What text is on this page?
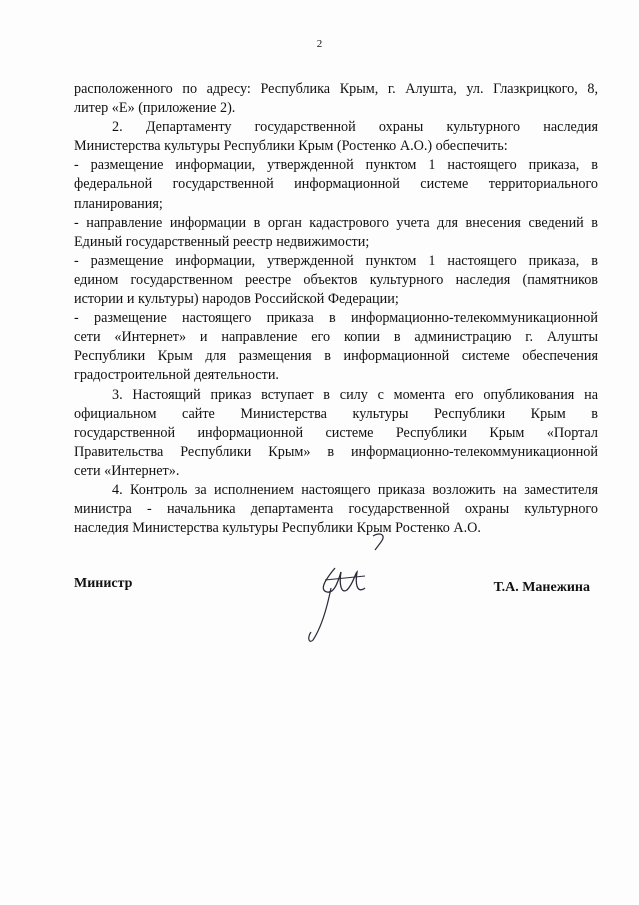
2
расположенного по адресу: Республика Крым, г. Алушта, ул. Глазкрицкого, 8,
литер «Е» (приложение 2).
2. Департаменту государственной охраны культурного наследия
Министерства культуры Республики Крым (Ростенко А.О.) обеспечить:
- размещение информации, утвержденной пунктом 1 настоящего приказа, в
федеральной государственной информационной системе территориального
планирования;
- направление информации в орган кадастрового учета для внесения сведений в
Единый государственный реестр недвижимости;
- размещение информации, утвержденной пунктом 1 настоящего приказа, в
едином государственном реестре объектов культурного наследия (памятников
истории и культуры) народов Российской Федерации;
- размещение настоящего приказа в информационно-телекоммуникационной
сети «Интернет» и направление его копии в администрацию г. Алушты
Республики Крым для размещения в информационной системе обеспечения
градостроительной деятельности.
3. Настоящий приказ вступает в силу с момента его опубликования на
официальном сайте Министерства культуры Республики Крым в
государственной информационной системе Республики Крым «Портал
Правительства Республики Крым» в информационно-телекоммуникационной
сети «Интернет».
4. Контроль за исполнением настоящего приказа возложить на заместителя
министра - начальника департамента государственной охраны культурного
наследия Министерства культуры Республики Крым Ростенко А.О.
Министр	Т.А. Манежина
